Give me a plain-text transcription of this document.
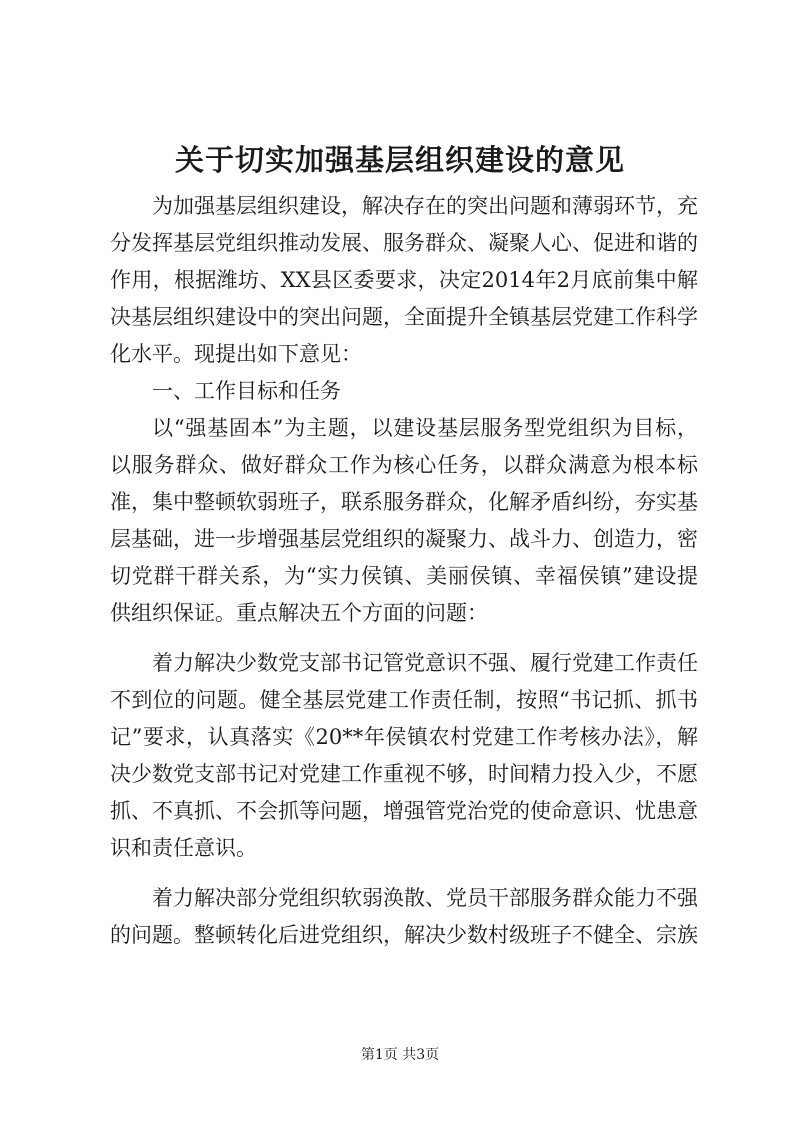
关于切实加强基层组织建设的意见

为加强基层组织建设，解决存在的突出问题和薄弱环节，充分发挥基层党组织推动发展、服务群众、凝聚人心、促进和谐的作用，根据潍坊、XX县区委要求，决定2014年2月底前集中解决基层组织建设中的突出问题，全面提升全镇基层党建工作科学化水平。现提出如下意见：

一、工作目标和任务

以“强基固本”为主题，以建设基层服务型党组织为目标，以服务群众、做好群众工作为核心任务，以群众满意为根本标准，集中整顿软弱班子，联系服务群众，化解矛盾纠纷，夯实基层基础，进一步增强基层党组织的凝聚力、战斗力、创造力，密切党群干群关系，为“实力侯镇、美丽侯镇、幸福侯镇”建设提供组织保证。重点解决五个方面的问题：

着力解决少数党支部书记管党意识不强、履行党建工作责任不到位的问题。健全基层党建工作责任制，按照“书记抓、抓书记”要求，认真落实《20**年侯镇农村党建工作考核办法》，解决少数党支部书记对党建工作重视不够，时间精力投入少，不愿抓、不真抓、不会抓等问题，增强管党治党的使命意识、忧患意识和责任意识。

着力解决部分党组织软弱涣散、党员干部服务群众能力不强的问题。整顿转化后进党组织，解决少数村级班子不健全、宗族

第1页 共3页
